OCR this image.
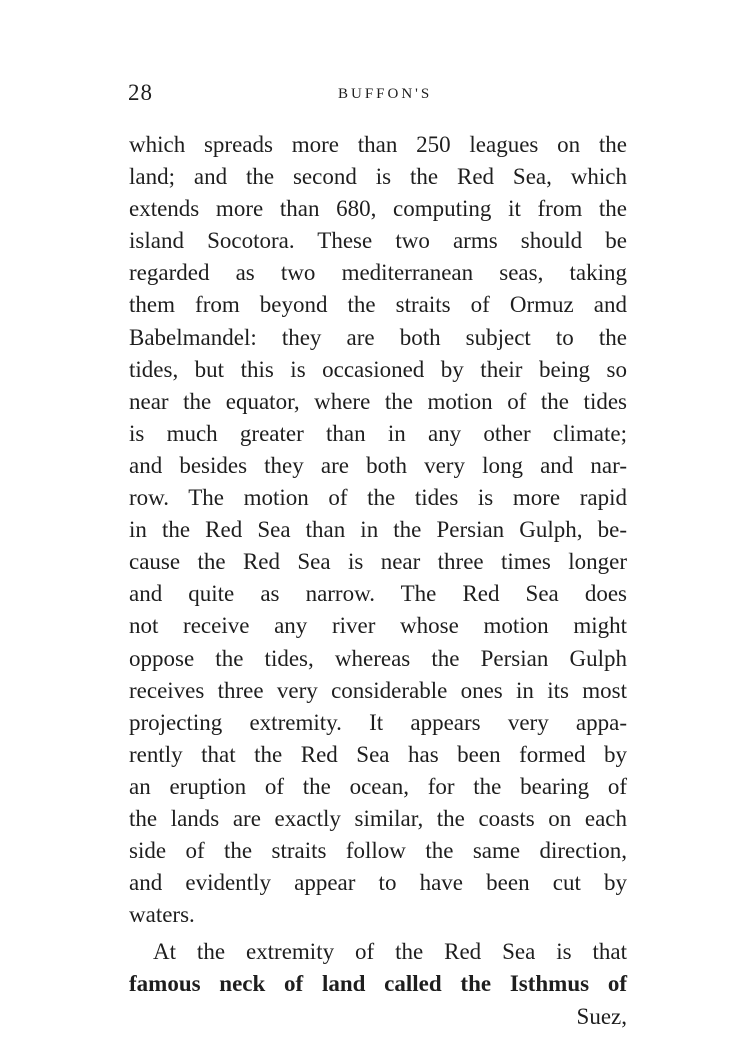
28	BUFFON'S
which spreads more than 250 leagues on the
land; and the second is the Red Sea, which
extends more than 680, computing it from the
island Socotora. These two arms should be
regarded as two mediterranean seas, taking
them from beyond the straits of Ormuz and
Babelmandel: they are both subject to the
tides, but this is occasioned by their being so
near the equator, where the motion of the tides
is much greater than in any other climate;
and besides they are both very long and nar-
row. The motion of the tides is more rapid
in the Red Sea than in the Persian Gulph, be-
cause the Red Sea is near three times longer
and quite as narrow. The Red Sea does
not receive any river whose motion might
oppose the tides, whereas the Persian Gulph
receives three very considerable ones in its most
projecting extremity. It appears very appa-
rently that the Red Sea has been formed by
an eruption of the ocean, for the bearing of
the lands are exactly similar, the coasts on each
side of the straits follow the same direction,
and evidently appear to have been cut by
waters.
At the extremity of the Red Sea is that
famous neck of land called the Isthmus of
Suez,
